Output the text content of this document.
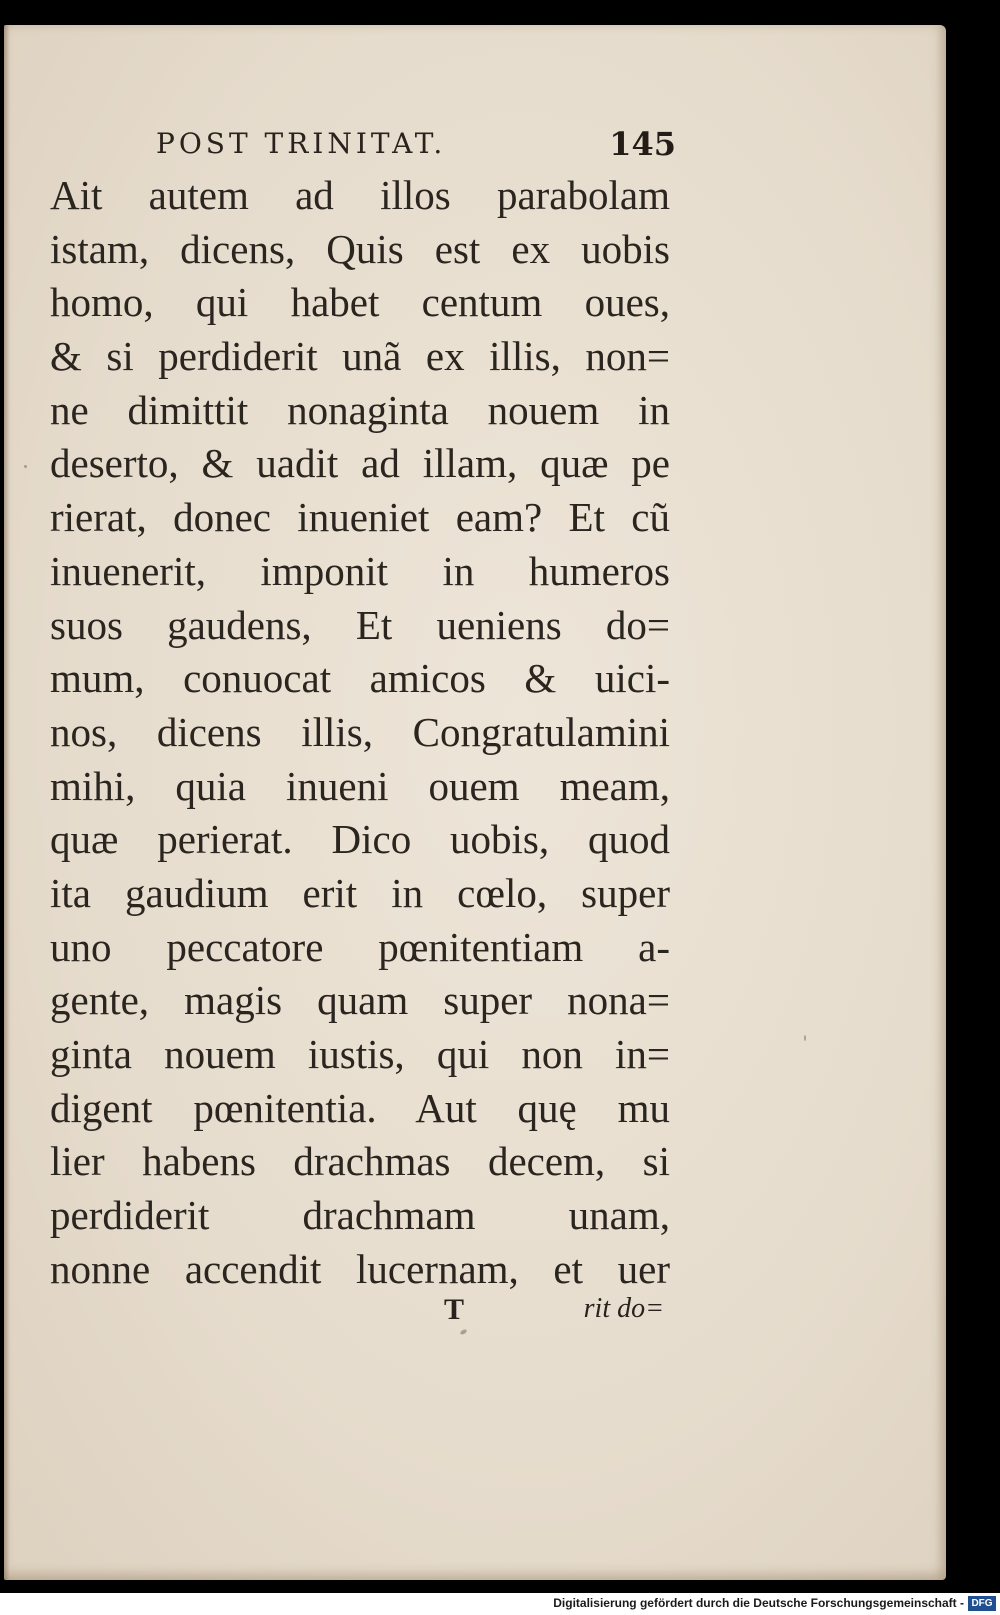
POST TRINITAT.	145
Ait autem ad illos parabolam
istam, dicens, Quis est ex uobis
homo, qui habet centum oues,
& si perdiderit unã ex illis, non=
ne dimittit nonaginta nouem in
deserto, & uadit ad illam, quæ pe
rierat, donec inueniet eam? Et cũ
inuenerit, imponit in humeros
suos gaudens, Et ueniens do=
mum, conuocat amicos & uici-
nos, dicens illis, Congratulamini
mihi, quia inueni ouem meam,
quæ perierat. Dico uobis, quod
ita gaudium erit in cœlo, super
uno peccatore pœnitentiam a-
gente, magis quam super nona=
ginta nouem iustis, qui non in=
digent pœnitentia. Aut quę mu
lier habens drachmas decem, si
perdiderit drachmam unam,
nonne accendit lucernam, et uer
T	rit do=
Digitalisierung gefördert durch die Deutsche Forschungsgemeinschaft - DFG
